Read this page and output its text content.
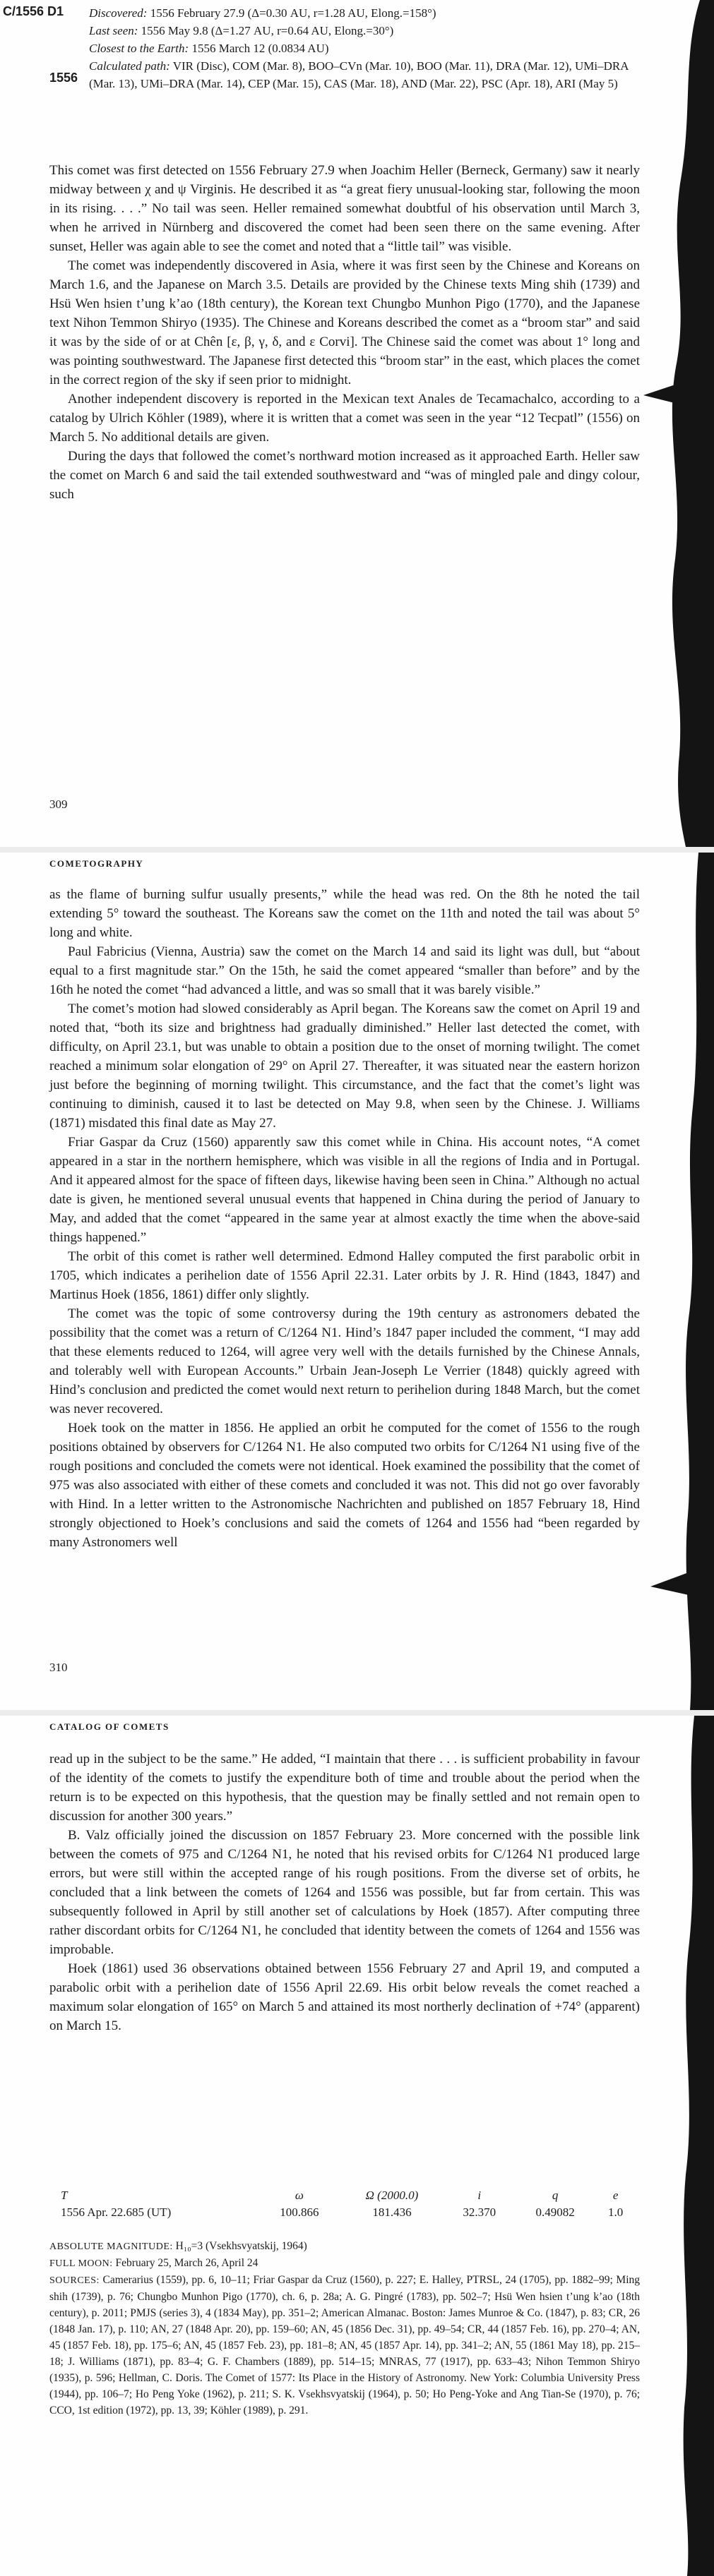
C/1556 D1
1556
Discovered: 1556 February 27.9 (Δ=0.30 AU, r=1.28 AU, Elong.=158°)
Last seen: 1556 May 9.8 (Δ=1.27 AU, r=0.64 AU, Elong.=30°)
Closest to the Earth: 1556 March 12 (0.0834 AU)
Calculated path: VIR (Disc), COM (Mar. 8), BOO–CVn (Mar. 10), BOO (Mar. 11), DRA (Mar. 12), UMi–DRA (Mar. 13), UMi–DRA (Mar. 14), CEP (Mar. 15), CAS (Mar. 18), AND (Mar. 22), PSC (Apr. 18), ARI (May 5)

This comet was first detected on 1556 February 27.9 when Joachim Heller (Berneck, Germany) saw it nearly midway between χ and ψ Virginis. He described it as “a great fiery unusual-looking star, following the moon in its rising. . . .” No tail was seen. Heller remained somewhat doubtful of his observation until March 3, when he arrived in Nürnberg and discovered the comet had been seen there on the same evening. After sunset, Heller was again able to see the comet and noted that a “little tail” was visible.

The comet was independently discovered in Asia, where it was first seen by the Chinese and Koreans on March 1.6, and the Japanese on March 3.5. Details are provided by the Chinese texts Ming shih (1739) and Hsü Wen hsien t’ung k’ao (18th century), the Korean text Chungbo Munhon Pigo (1770), and the Japanese text Nihon Temmon Shiryo (1935). The Chinese and Koreans described the comet as a “broom star” and said it was by the side of or at Chên [ε, β, γ, δ, and ε Corvi]. The Chinese said the comet was about 1° long and was pointing southwestward. The Japanese first detected this “broom star” in the east, which places the comet in the correct region of the sky if seen prior to midnight.

Another independent discovery is reported in the Mexican text Anales de Tecamachalco, according to a catalog by Ulrich Köhler (1989), where it is written that a comet was seen in the year “12 Tecpatl” (1556) on March 5. No additional details are given.

During the days that followed the comet’s northward motion increased as it approached Earth. Heller saw the comet on March 6 and said the tail extended southwestward and “was of mingled pale and dingy colour, such

309
COMETOGRAPHY

as the flame of burning sulfur usually presents,” while the head was red. On the 8th he noted the tail extending 5° toward the southeast. The Koreans saw the comet on the 11th and noted the tail was about 5° long and white.

Paul Fabricius (Vienna, Austria) saw the comet on the March 14 and said its light was dull, but “about equal to a first magnitude star.” On the 15th, he said the comet appeared “smaller than before” and by the 16th he noted the comet “had advanced a little, and was so small that it was barely visible.”

The comet’s motion had slowed considerably as April began. The Koreans saw the comet on April 19 and noted that, “both its size and brightness had gradually diminished.” Heller last detected the comet, with difficulty, on April 23.1, but was unable to obtain a position due to the onset of morning twilight. The comet reached a minimum solar elongation of 29° on April 27. Thereafter, it was situated near the eastern horizon just before the beginning of morning twilight. This circumstance, and the fact that the comet’s light was continuing to diminish, caused it to last be detected on May 9.8, when seen by the Chinese. J. Williams (1871) misdated this final date as May 27.

Friar Gaspar da Cruz (1560) apparently saw this comet while in China. His account notes, “A comet appeared in a star in the northern hemisphere, which was visible in all the regions of India and in Portugal. And it appeared almost for the space of fifteen days, likewise having been seen in China.” Although no actual date is given, he mentioned several unusual events that happened in China during the period of January to May, and added that the comet “appeared in the same year at almost exactly the time when the above-said things happened.”

The orbit of this comet is rather well determined. Edmond Halley computed the first parabolic orbit in 1705, which indicates a perihelion date of 1556 April 22.31. Later orbits by J. R. Hind (1843, 1847) and Martinus Hoek (1856, 1861) differ only slightly.

The comet was the topic of some controversy during the 19th century as astronomers debated the possibility that the comet was a return of C/1264 N1. Hind’s 1847 paper included the comment, “I may add that these elements reduced to 1264, will agree very well with the details furnished by the Chinese Annals, and tolerably well with European Accounts.” Urbain Jean-Joseph Le Verrier (1848) quickly agreed with Hind’s conclusion and predicted the comet would next return to perihelion during 1848 March, but the comet was never recovered.

Hoek took on the matter in 1856. He applied an orbit he computed for the comet of 1556 to the rough positions obtained by observers for C/1264 N1. He also computed two orbits for C/1264 N1 using five of the rough positions and concluded the comets were not identical. Hoek examined the possibility that the comet of 975 was also associated with either of these comets and concluded it was not. This did not go over favorably with Hind. In a letter written to the Astronomische Nachrichten and published on 1857 February 18, Hind strongly objectioned to Hoek’s conclusions and said the comets of 1264 and 1556 had “been regarded by many Astronomers well

310
CATALOG OF COMETS

read up in the subject to be the same.” He added, “I maintain that there . . . is sufficient probability in favour of the identity of the comets to justify the expenditure both of time and trouble about the period when the return is to be expected on this hypothesis, that the question may be finally settled and not remain open to discussion for another 300 years.”

B. Valz officially joined the discussion on 1857 February 23. More concerned with the possible link between the comets of 975 and C/1264 N1, he noted that his revised orbits for C/1264 N1 produced large errors, but were still within the accepted range of his rough positions. From the diverse set of orbits, he concluded that a link between the comets of 1264 and 1556 was possible, but far from certain. This was subsequently followed in April by still another set of calculations by Hoek (1857). After computing three rather discordant orbits for C/1264 N1, he concluded that identity between the comets of 1264 and 1556 was improbable.

Hoek (1861) used 36 observations obtained between 1556 February 27 and April 19, and computed a parabolic orbit with a perihelion date of 1556 April 22.69. His orbit below reveals the comet reached a maximum solar elongation of 165° on March 5 and attained its most northerly declination of +74° (apparent) on March 15.

T	ω	Ω (2000.0)	i	q	e
1556 Apr. 22.685 (UT)	100.866	181.436	32.370	0.49082	1.0
ABSOLUTE MAGNITUDE: H₁₀=3 (Vsekhsvyatskij, 1964)
FULL MOON: February 25, March 26, April 24
SOURCES: Camerarius (1559), pp. 6, 10–11; Friar Gaspar da Cruz (1560), p. 227; E. Halley, PTRSL, 24 (1705), pp. 1882–99; Ming shih (1739), p. 76; Chungbo Munhon Pigo (1770), ch. 6, p. 28a; A. G. Pingré (1783), pp. 502–7; Hsü Wen hsien t’ung k’ao (18th century), p. 2011; PMJS (series 3), 4 (1834 May), pp. 351–2; American Almanac. Boston: James Munroe & Co. (1847), p. 83; CR, 26 (1848 Jan. 17), p. 110; AN, 27 (1848 Apr. 20), pp. 159–60; AN, 45 (1856 Dec. 31), pp. 49–54; CR, 44 (1857 Feb. 16), pp. 270–4; AN, 45 (1857 Feb. 18), pp. 175–6; AN, 45 (1857 Feb. 23), pp. 181–8; AN, 45 (1857 Apr. 14), pp. 341–2; AN, 55 (1861 May 18), pp. 215–18; J. Williams (1871), pp. 83–4; G. F. Chambers (1889), pp. 514–15; MNRAS, 77 (1917), pp. 633–43; Nihon Temmon Shiryo (1935), p. 596; Hellman, C. Doris. The Comet of 1577: Its Place in the History of Astronomy. New York: Columbia University Press (1944), pp. 106–7; Ho Peng Yoke (1962), p. 211; S. K. Vsekhsvyatskij (1964), p. 50; Ho Peng-Yoke and Ang Tian-Se (1970), p. 76; CCO, 1st edition (1972), pp. 13, 39; Köhler (1989), p. 291.
